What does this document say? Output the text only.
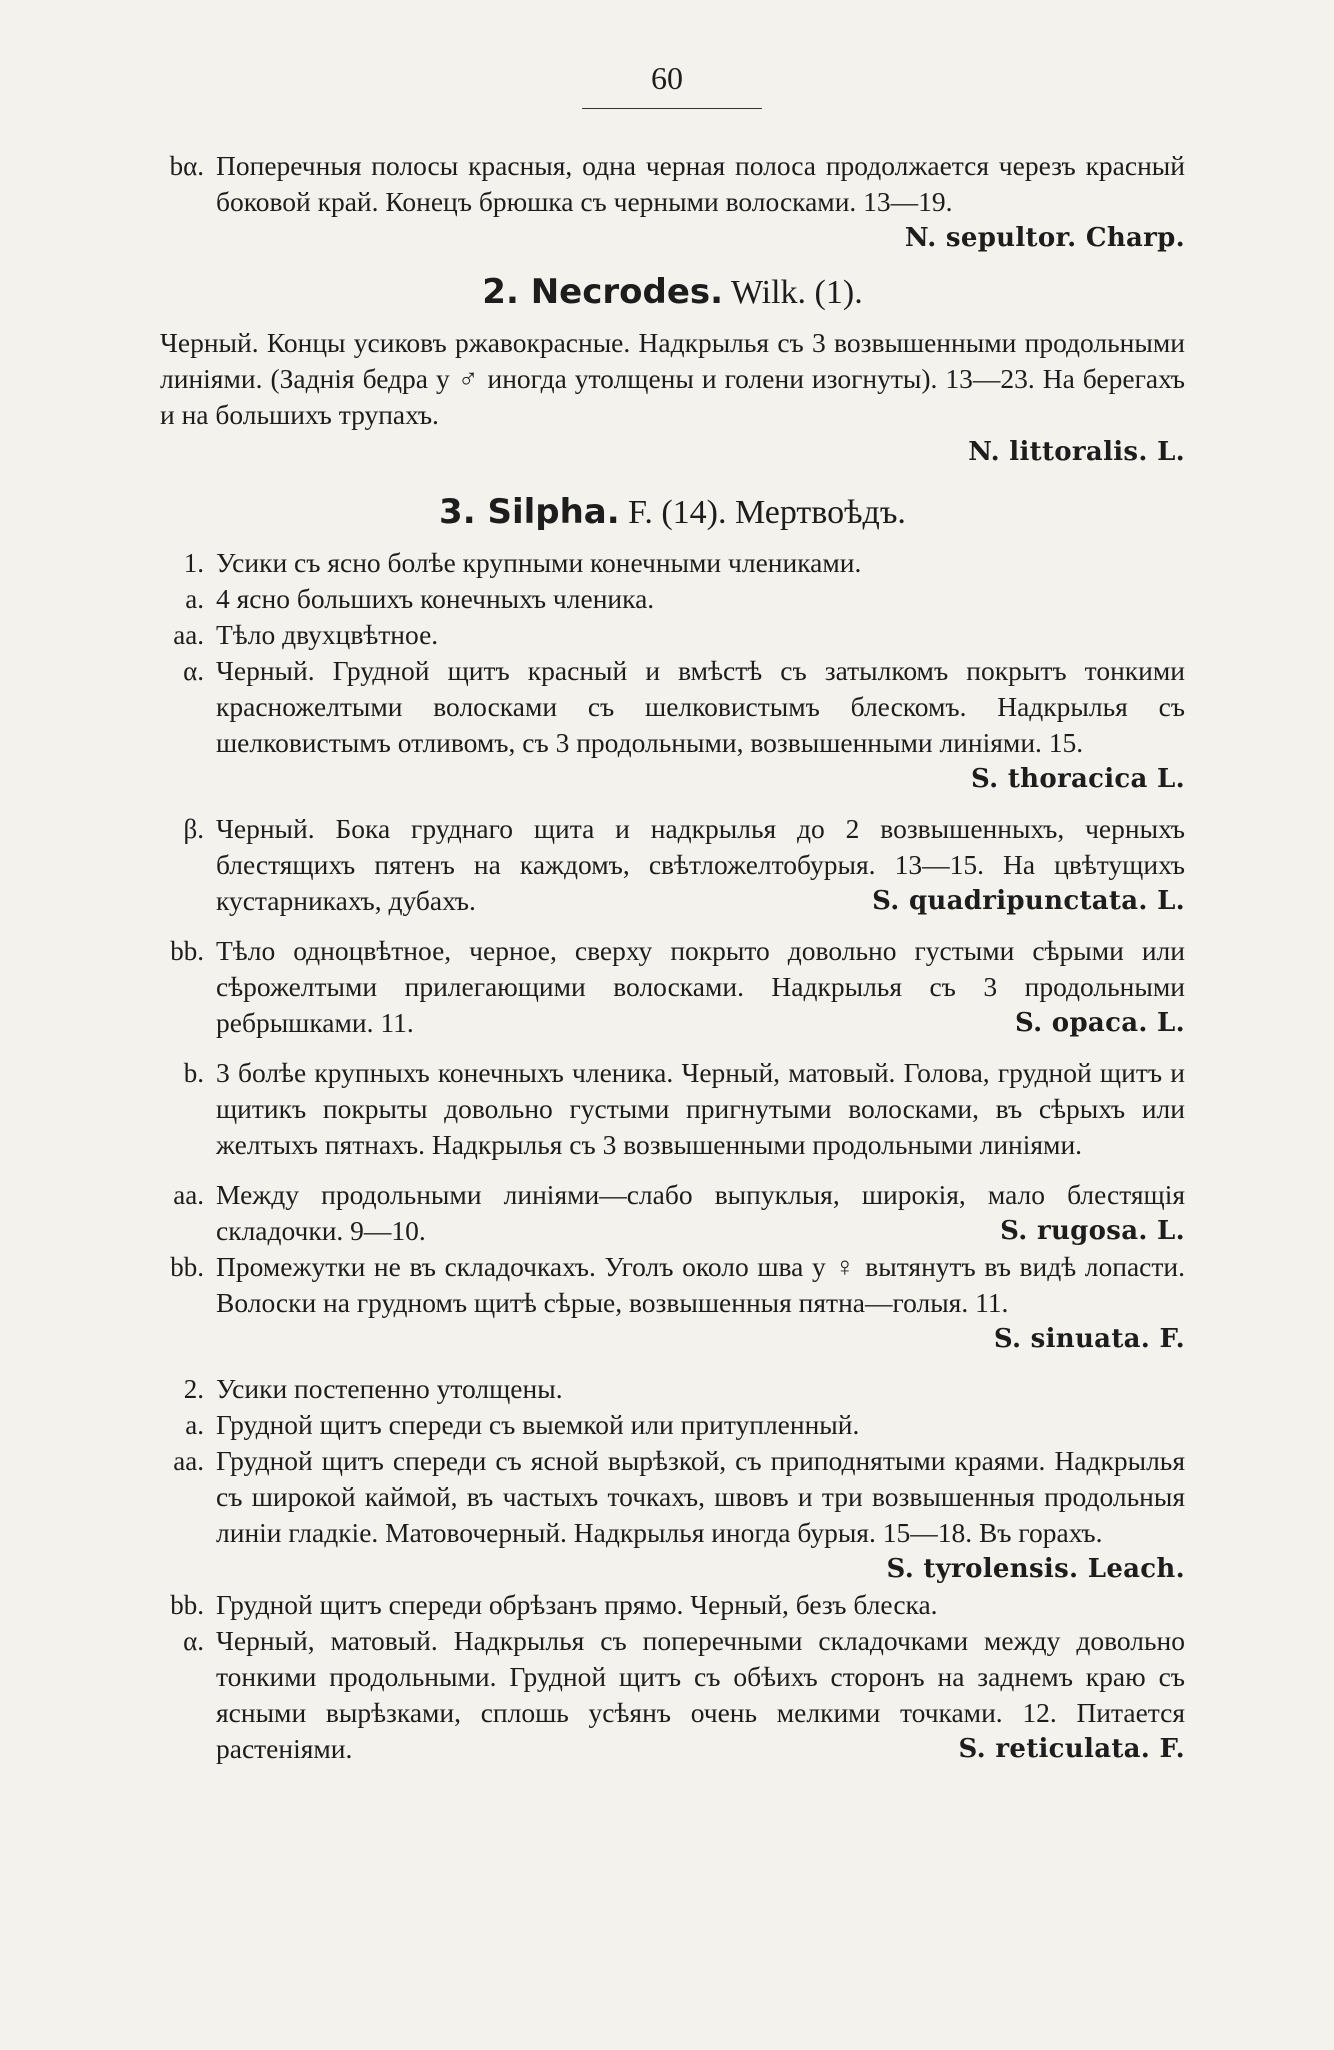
60
bα. Поперечныя полосы красныя, одна черная полоса продолжается черезъ красный боковой край. Конецъ брюшка съ черными волосками. 13—19.
N. sepultor. Charp.
2. Necrodes. Wilk. (1).
Черный. Концы усиковъ ржавокрасные. Надкрылья съ 3 возвышенными продольными линіями. (Заднія бедра у ♂ иногда утолщены и голени изогнуты). 13—23. На берегахъ и на большихъ трупахъ.
N. littoralis. L.
3. Silpha. F. (14). Мертвоѣдъ.
1. Усики съ ясно болѣе крупными конечными члениками.
a. 4 ясно большихъ конечныхъ членика.
aa. Тѣло двухцвѣтное.
α. Черный. Грудной щитъ красный и вмѣстѣ съ затылкомъ покрытъ тонкими красножелтыми волосками съ шелковистымъ блескомъ. Надкрылья съ шелковистымъ отливомъ, съ 3 продольными, возвышенными линіями. 15.
S. thoracica L.
β. Черный. Бока груднаго щита и надкрылья до 2 возвышенныхъ, черныхъ блестящихъ пятенъ на каждомъ, свѣтложелтобурыя. 13—15. На цвѣтущихъ кустарникахъ, дубахъ.	S. quadripunctata. L.
bb. Тѣло одноцвѣтное, черное, сверху покрыто довольно густыми сѣрыми или сѣрожелтыми прилегающими волосками. Надкрылья съ 3 продольными ребрышками. 11.	S. opaca. L.
b. 3 болѣе крупныхъ конечныхъ членика. Черный, матовый. Голова, грудной щитъ и щитикъ покрыты довольно густыми пригнутыми волосками, въ сѣрыхъ или желтыхъ пятнахъ. Надкрылья съ 3 возвышенными продольными линіями.
aa. Между продольными линіями—слабо выпуклыя, широкія, мало блестящія складочки. 9—10.	S. rugosa. L.
bb. Промежутки не въ складочкахъ. Уголъ около шва у ♀ вытянутъ въ видѣ лопасти. Волоски на грудномъ щитѣ сѣрые, возвышенныя пятна—голыя. 11.
S. sinuata. F.
2. Усики постепенно утолщены.
a. Грудной щитъ спереди съ выемкой или притупленный.
aa. Грудной щитъ спереди съ ясной вырѣзкой, съ приподнятыми краями. Надкрылья съ широкой каймой, въ частыхъ точкахъ, швовъ и три возвышенныя продольныя линіи гладкіе. Матовочерный. Надкрылья иногда бурыя. 15—18. Въ горахъ.
S. tyrolensis. Leach.
bb. Грудной щитъ спереди обрѣзанъ прямо. Черный, безъ блеска.
α. Черный, матовый. Надкрылья съ поперечными складочками между довольно тонкими продольными. Грудной щитъ съ обѣихъ сторонъ на заднемъ краю съ ясными вырѣзками, сплошь усѣянъ очень мелкими точками. 12. Питается растеніями.	S. reticulata. F.
